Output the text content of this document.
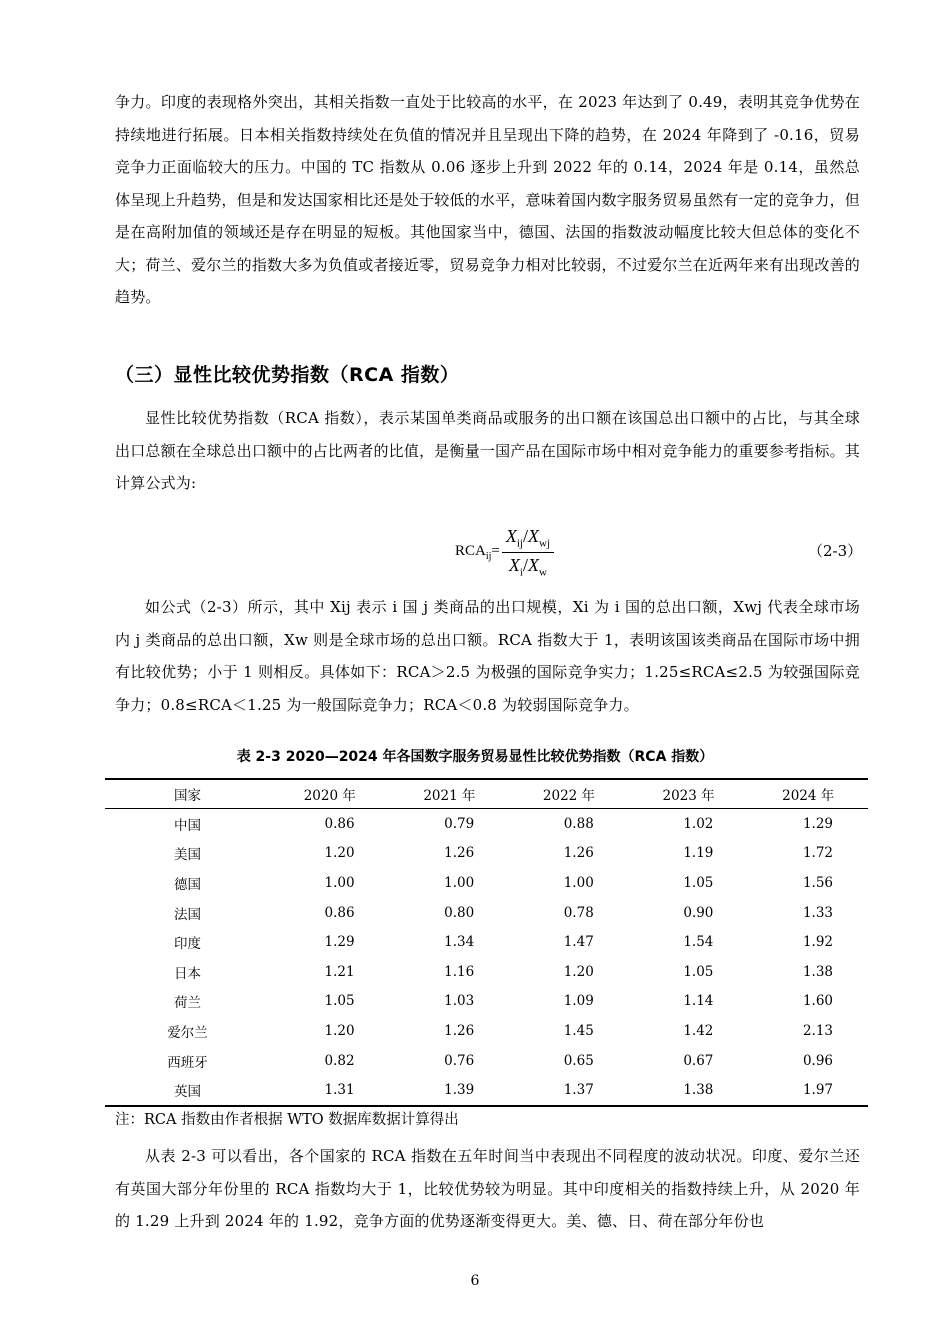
争力。印度的表现格外突出，其相关指数一直处于比较高的水平，在 2023 年达到了 0.49，表明其竞争优势在持续地进行拓展。日本相关指数持续处在负值的情况并且呈现出下降的趋势，在 2024 年降到了 -0.16，贸易竞争力正面临较大的压力。中国的 TC 指数从 0.06 逐步上升到 2022 年的 0.14，2024 年是 0.14，虽然总体呈现上升趋势，但是和发达国家相比还是处于较低的水平，意味着国内数字服务贸易虽然有一定的竞争力，但是在高附加值的领域还是存在明显的短板。其他国家当中，德国、法国的指数波动幅度比较大但总体的变化不大；荷兰、爱尔兰的指数大多为负值或者接近零，贸易竞争力相对比较弱，不过爱尔兰在近两年来有出现改善的趋势。

（三）显性比较优势指数（RCA 指数）

显性比较优势指数（RCA 指数），表示某国单类商品或服务的出口额在该国总出口额中的占比，与其全球出口总额在全球总出口额中的占比两者的比值，是衡量一国产品在国际市场中相对竞争能力的重要参考指标。其计算公式为:

$RCA_{ij}= \frac{X_{ij}/X_{wj}}{X_i/X_w}$	（2-3）

如公式（2-3）所示，其中 Xij 表示 i 国 j 类商品的出口规模，Xi 为 i 国的总出口额，Xwj 代表全球市场内 j 类商品的总出口额，Xw 则是全球市场的总出口额。RCA 指数大于 1，表明该国该类商品在国际市场中拥有比较优势；小于 1 则相反。具体如下：RCA＞2.5 为极强的国际竞争实力；1.25≤RCA≤2.5 为较强国际竞争力；0.8≤RCA＜1.25 为一般国际竞争力；RCA＜0.8 为较弱国际竞争力。

表 2-3 2020—2024 年各国数字服务贸易显性比较优势指数（RCA 指数）
国家	2020 年	2021 年	2022 年	2023 年	2024 年
中国	0.86	0.79	0.88	1.02	1.29
美国	1.20	1.26	1.26	1.19	1.72
德国	1.00	1.00	1.00	1.05	1.56
法国	0.86	0.80	0.78	0.90	1.33
印度	1.29	1.34	1.47	1.54	1.92
日本	1.21	1.16	1.20	1.05	1.38
荷兰	1.05	1.03	1.09	1.14	1.60
爱尔兰	1.20	1.26	1.45	1.42	2.13
西班牙	0.82	0.76	0.65	0.67	0.96
英国	1.31	1.39	1.37	1.38	1.97

注：RCA 指数由作者根据 WTO 数据库数据计算得出

从表 2-3 可以看出，各个国家的 RCA 指数在五年时间当中表现出不同程度的波动状况。印度、爱尔兰还有英国大部分年份里的 RCA 指数均大于 1，比较优势较为明显。其中印度相关的指数持续上升，从 2020 年的 1.29 上升到 2024 年的 1.92，竞争方面的优势逐渐变得更大。美、德、日、荷在部分年份也

6
